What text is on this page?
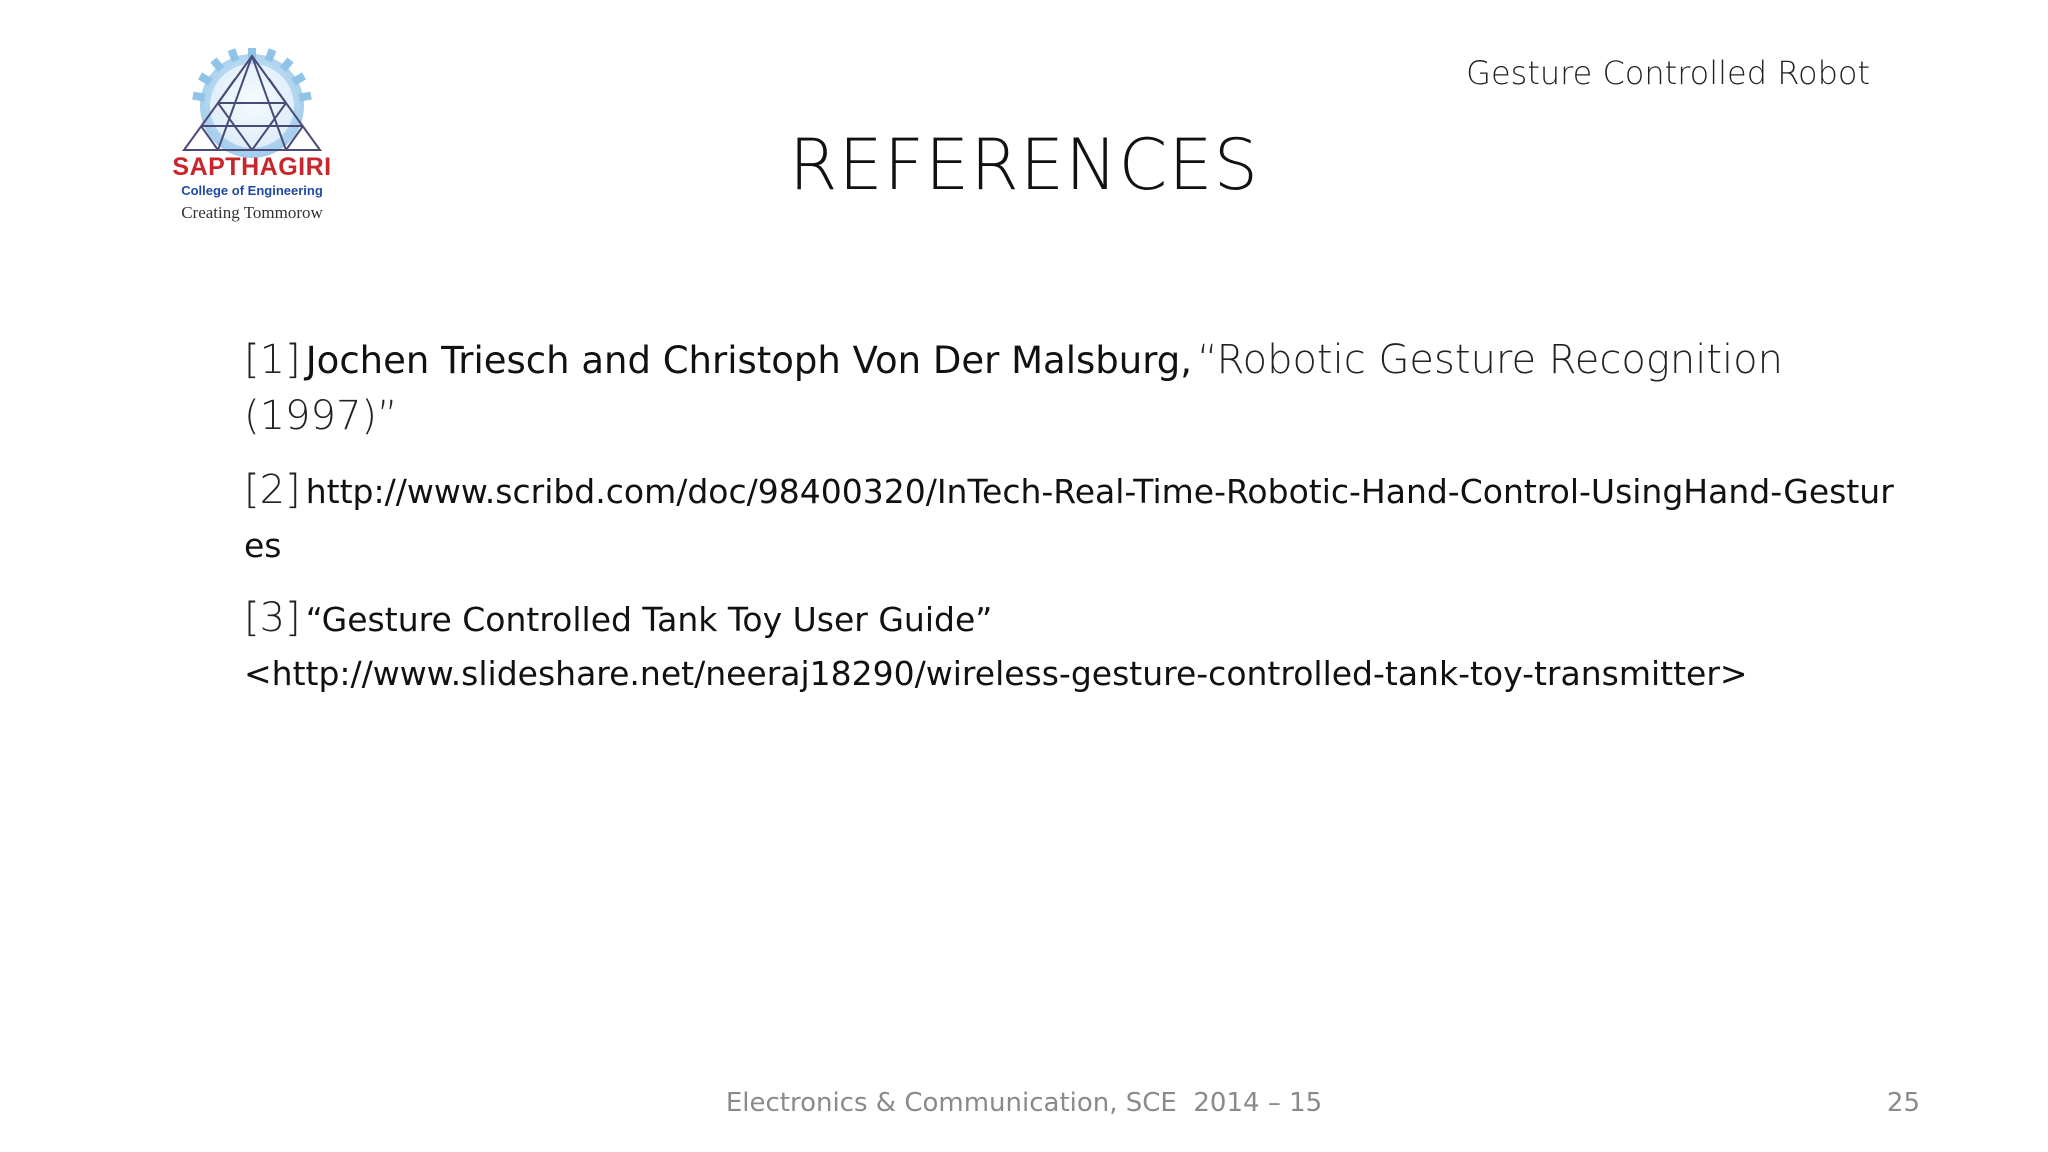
SAPTHAGIRI
College of Engineering
Creating Tommorow
Gesture Controlled Robot
REFERENCES
[1] Jochen Triesch and Christoph Von Der Malsburg, “Robotic Gesture Recognition (1997)”
[2] http://www.scribd.com/doc/98400320/InTech-Real-Time-Robotic-Hand-Control-UsingHand-Gestures
[3] “Gesture Controlled Tank Toy User Guide”
<http://www.slideshare.net/neeraj18290/wireless-gesture-controlled-tank-toy-transmitter>
Electronics & Communication, SCE  2014 – 15	25
